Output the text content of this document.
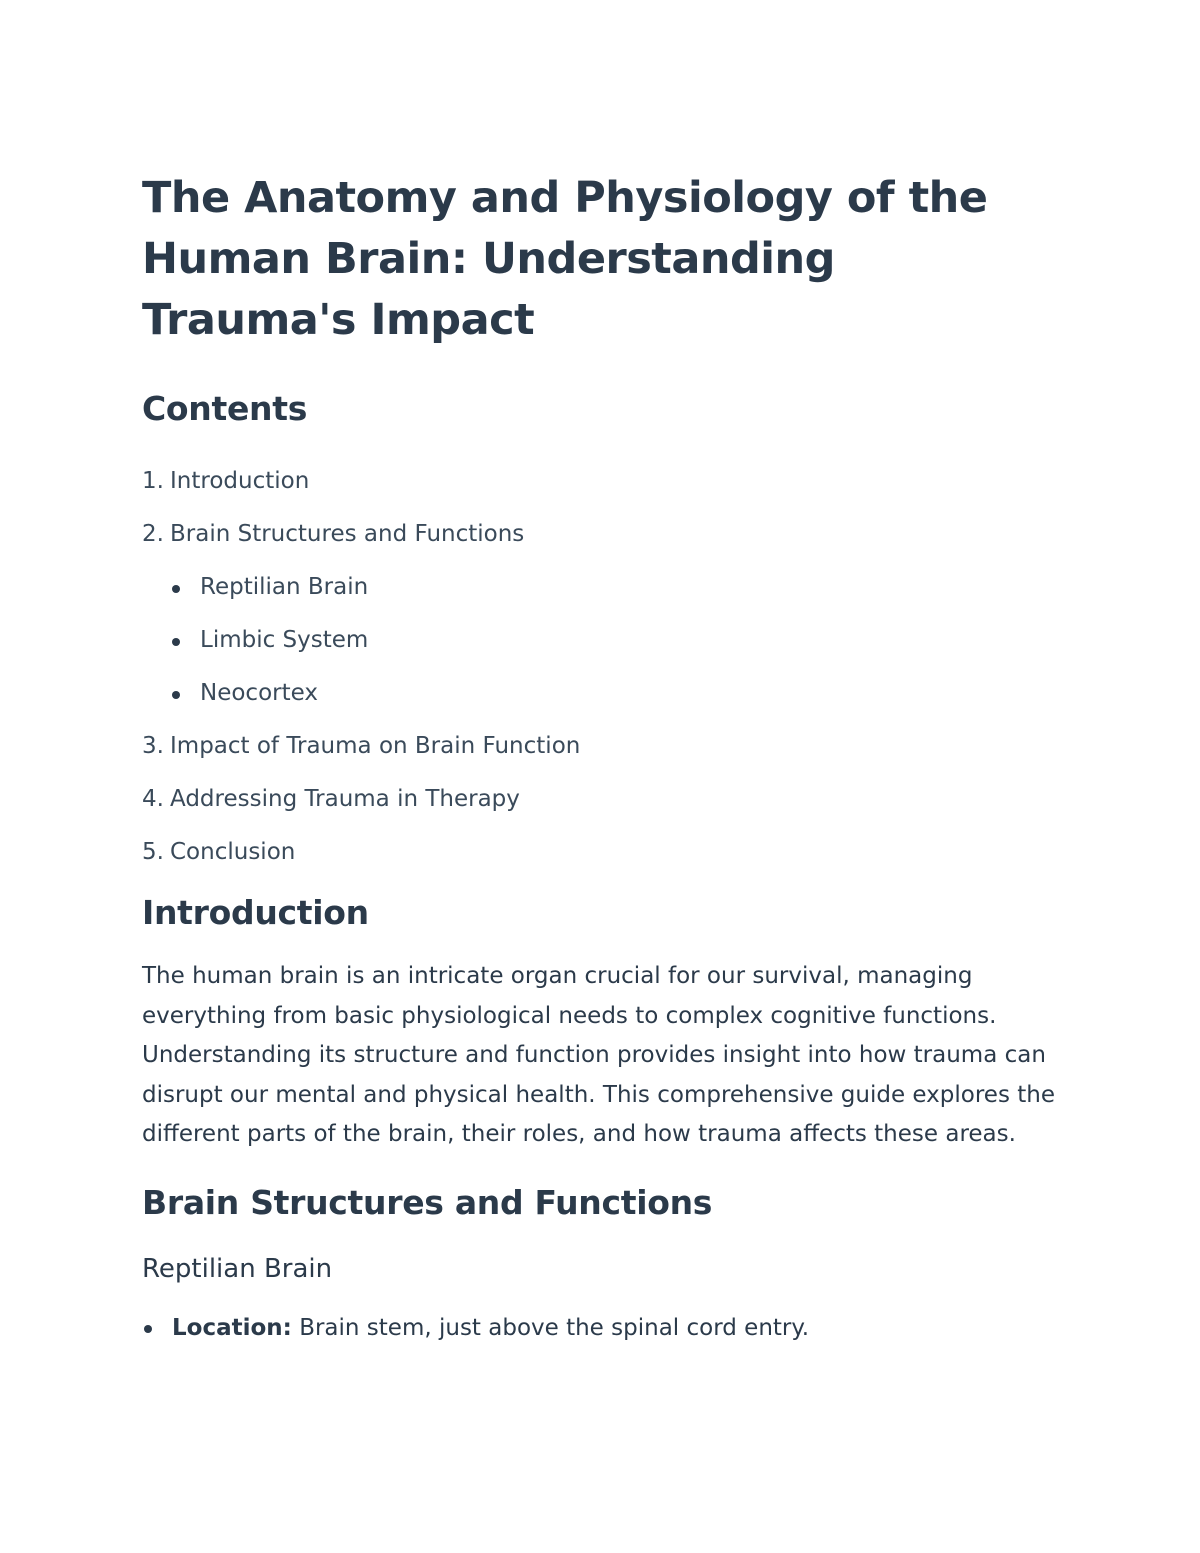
The Anatomy and Physiology of the Human Brain: Understanding Trauma's Impact
Contents
1. Introduction
2. Brain Structures and Functions
Reptilian Brain
Limbic System
Neocortex
3. Impact of Trauma on Brain Function
4. Addressing Trauma in Therapy
5. Conclusion
Introduction

The human brain is an intricate organ crucial for our survival, managing everything from basic physiological needs to complex cognitive functions. Understanding its structure and function provides insight into how trauma can disrupt our mental and physical health. This comprehensive guide explores the different parts of the brain, their roles, and how trauma affects these areas.

Brain Structures and Functions
Reptilian Brain
Location: Brain stem, just above the spinal cord entry.
